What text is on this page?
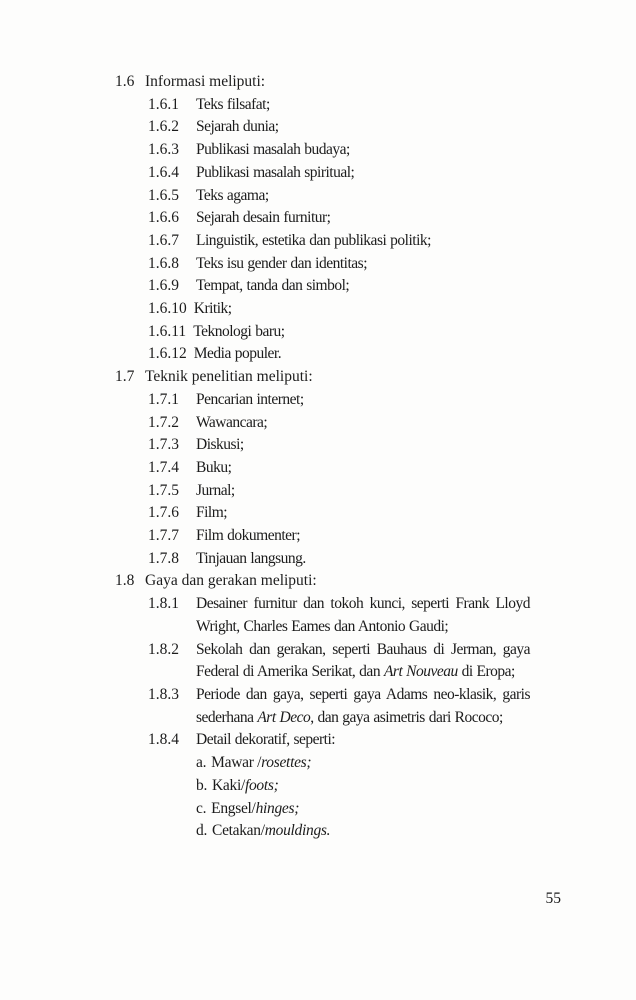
1.6 Informasi meliputi:
1.6.1	Teks filsafat;
1.6.2	Sejarah dunia;
1.6.3	Publikasi masalah budaya;
1.6.4	Publikasi masalah spiritual;
1.6.5	Teks agama;
1.6.6	Sejarah desain furnitur;
1.6.7	Linguistik, estetika dan publikasi politik;
1.6.8	Teks isu gender dan identitas;
1.6.9	Tempat, tanda dan simbol;
1.6.10 Kritik;
1.6.11 Teknologi baru;
1.6.12 Media populer.
1.7 Teknik penelitian meliputi:
1.7.1	Pencarian internet;
1.7.2	Wawancara;
1.7.3	Diskusi;
1.7.4	Buku;
1.7.5	Jurnal;
1.7.6	Film;
1.7.7	Film dokumenter;
1.7.8	Tinjauan langsung.
1.8 Gaya dan gerakan meliputi:
1.8.1	Desainer furnitur dan tokoh kunci, seperti Frank Lloyd Wright, Charles Eames dan Antonio Gaudi;
1.8.2	Sekolah dan gerakan, seperti Bauhaus di Jerman, gaya Federal di Amerika Serikat, dan Art Nouveau di Eropa;
1.8.3	Periode dan gaya, seperti gaya Adams neo-klasik, garis sederhana Art Deco, dan gaya asimetris dari Rococo;
1.8.4	Detail dekoratif, seperti:
a. Mawar /rosettes;
b. Kaki/foots;
c. Engsel/hinges;
d. Cetakan/mouldings.
55
